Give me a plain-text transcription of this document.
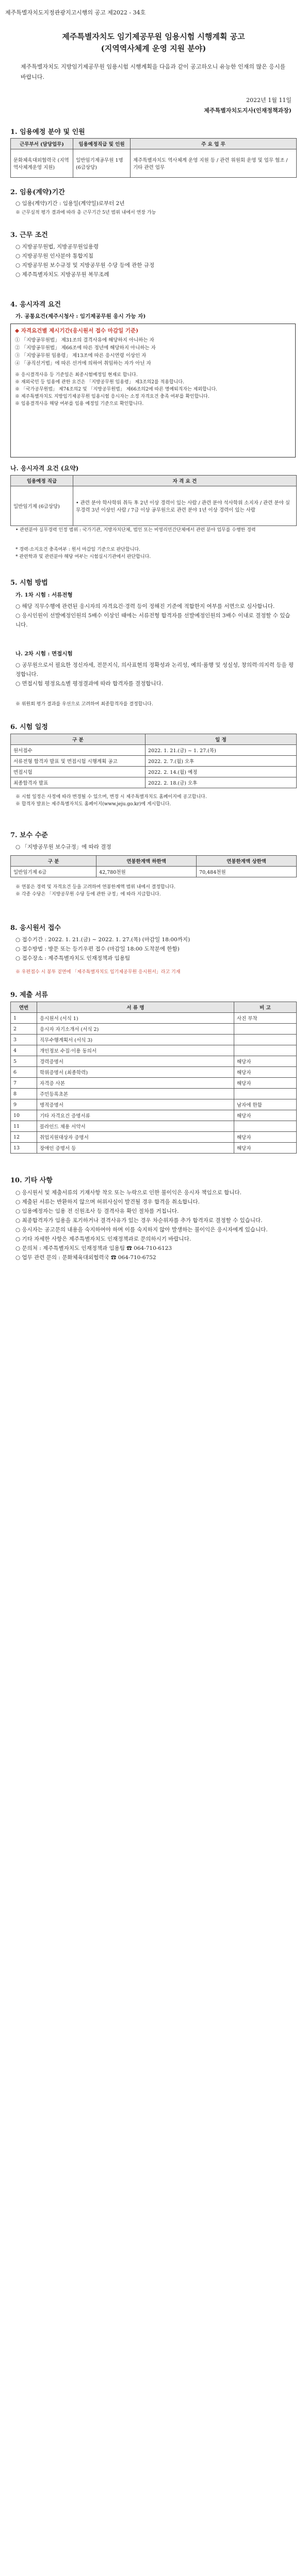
제주특별자치도지정관광지고시행의 공고 제2022 - 34호
제주특별자치도 임기제공무원 임용시험 시행계획 공고
(지역역사체계 운영 지원 분야)
제주특별자치도 지방임기제공무원 임용시험 시행계획을 다음과 같이 공고하오니 유능한 인재의 많은 응시를 바랍니다.
2022년 1월 11일
제주특별자치도지사(인재정책과장)
1. 임용예정 분야 및 인원
근무부서 (담당업무)	임용예정직급 및 인원	주 요 업 무
문화체육대외협력국 (지역역사체계운영 지원)	일반임기제공무원 1명 (6급상당)	제주특별자치도 역사체계 운영 지원 등 / 관련 위원회 운영 및 업무 협조 / 기타 관련 업무
2. 임용(계약)기간
○ 임용(계약)기간 : 임용일(계약일)로부터 2년
※ 근무실적 평가 결과에 따라 총 근무기간 5년 범위 내에서 연장 가능
3. 근무 조건
○ 지방공무원법, 지방공무원임용령
○ 지방공무원 인사분야 통합지침
○ 지방공무원 보수규정 및 지방공무원 수당 등에 관한 규정
○ 제주특별자치도 지방공무원 복무조례
4. 응시자격 요건
가. 공통요건(제주시청사 : 임기제공무원 응시 가능 자)
◆ 자격요건별 제시기간(응시원서 접수 마감일 기준)
① 「지방공무원법」 제31조의 결격사유에 해당하지 아니하는 자
② 「지방공무원법」 제66조에 따른 정년에 해당하지 아니하는 자
③ 「지방공무원 임용령」 제13조에 따른 응시연령 이상인 자
④ 「공직선거법」에 따른 선거에 의하여 취임하는 자가 아닌 자
※ 응시결격사유 등 기준일은 최종시험예정일 현재로 합니다.
※ 재외국민 등 임용에 관한 요건은 「지방공무원 임용령」 제3조의2를 적용합니다.
※ 「국가공무원법」 제74조의2 및 「지방공무원법」 제66조의2에 따른 명예퇴직자는 제외합니다.
※ 제주특별자치도 지방임기제공무원 임용시험 응시자는 소정 자격요건 충족 여부를 확인합니다.
※ 임용결격사유 해당 여부를 임용 예정일 기준으로 확인합니다.
나. 응시자격 요건 (요약)
임용예정 직급	자 격 요 건
일반임기제 (6급상당)	• 관련 분야 학사학위 취득 후 2년 이상 경력이 있는 사람 / 관련 분야 석사학위 소지자 / 관련 분야 실무경력 3년 이상인 사람 / 7급 이상 공무원으로 관련 분야 1년 이상 경력이 있는 사람
• 관련분야 실무경력 인정 범위 : 국가기관, 지방자치단체, 법인 또는 비영리민간단체에서 관련 분야 업무를 수행한 경력
* 경력·소지요건 충족여부 : 원서 마감일 기준으로 판단합니다.
* 관련학과 및 관련분야 해당 여부는 시험실시기관에서 판단합니다.
5. 시험 방법
가. 1차 시험 : 서류전형
○ 해당 직무수행에 관련된 응시자의 자격요건·경력 등이 정해진 기준에 적합한지 여부를 서면으로 심사합니다.
○ 응시인원이 선발예정인원의 5배수 이상인 때에는 서류전형 합격자를 선발예정인원의 3배수 이내로 결정할 수 있습니다.
나. 2차 시험 : 면접시험
○ 공무원으로서 필요한 정신자세, 전문지식, 의사표현의 정확성과 논리성, 예의·품행 및 성실성, 창의력·의지력 등을 평정합니다.
○ 면접시험 평정요소별 평정결과에 따라 합격자를 결정합니다.
※ 위원회 평가 결과를 우선으로 고려하여 최종합격자를 결정합니다.
6. 시험 일정
구 분	일 정
원서접수	2022. 1. 21.(금) ~ 1. 27.(목)
서류전형 합격자 발표 및 면접시험 시행계획 공고	2022. 2. 7.(월) 오후
면접시험	2022. 2. 14.(월) 예정
최종합격자 발표	2022. 2. 18.(금) 오후
※ 시험 일정은 사정에 따라 변경될 수 있으며, 변경 시 제주특별자치도 홈페이지에 공고합니다.
※ 합격자 발표는 제주특별자치도 홈페이지(www.jeju.go.kr)에 게시합니다.
7. 보수 수준
○ 「지방공무원 보수규정」에 따라 결정
구 분	연봉한계액 하한액	연봉한계액 상한액
일반임기제 6급	42,780천원	70,484천원
※ 연봉은 경력 및 자격요건 등을 고려하여 연봉한계액 범위 내에서 결정합니다.
※ 각종 수당은 「지방공무원 수당 등에 관한 규정」에 따라 지급합니다.
8. 응시원서 접수
○ 접수기간 : 2022. 1. 21.(금) ~ 2022. 1. 27.(목) (마감일 18:00까지)
○ 접수방법 : 방문 또는 등기우편 접수 (마감일 18:00 도착분에 한함)
○ 접수장소 : 제주특별자치도 인재정책과 임용팀
※ 우편접수 시 봉투 겉면에 「제주특별자치도 임기제공무원 응시원서」라고 기재
9. 제출 서류
연번	서 류 명	비 고
1	응시원서 (서식 1)	사진 부착
2	응시자 자기소개서 (서식 2)	
3	직무수행계획서 (서식 3)	
4	개인정보 수집·이용 동의서	
5	경력증명서	해당자
6	학위증명서 (최종학력)	해당자
7	자격증 사본	해당자
8	주민등록초본	
9	병적증명서	남자에 한함
10	기타 자격요건 증명서류	해당자
11	블라인드 채용 서약서	
12	취업지원대상자 증명서	해당자
13	장애인 증명서 등	해당자
10. 기타 사항
○ 응시원서 및 제출서류의 기재사항 착오 또는 누락으로 인한 불이익은 응시자 책임으로 합니다.
○ 제출된 서류는 반환하지 않으며 허위사실이 발견될 경우 합격을 취소합니다.
○ 임용예정자는 임용 전 신원조사 등 결격사유 확인 절차를 거칩니다.
○ 최종합격자가 임용을 포기하거나 결격사유가 있는 경우 차순위자를 추가 합격자로 결정할 수 있습니다.
○ 응시자는 공고문의 내용을 숙지하여야 하며 이를 숙지하지 않아 발생하는 불이익은 응시자에게 있습니다.
○ 기타 자세한 사항은 제주특별자치도 인재정책과로 문의하시기 바랍니다.
○ 문의처 : 제주특별자치도 인재정책과 임용팀 ☎ 064-710-6123
○ 업무 관련 문의 : 문화체육대외협력국 ☎ 064-710-6752
